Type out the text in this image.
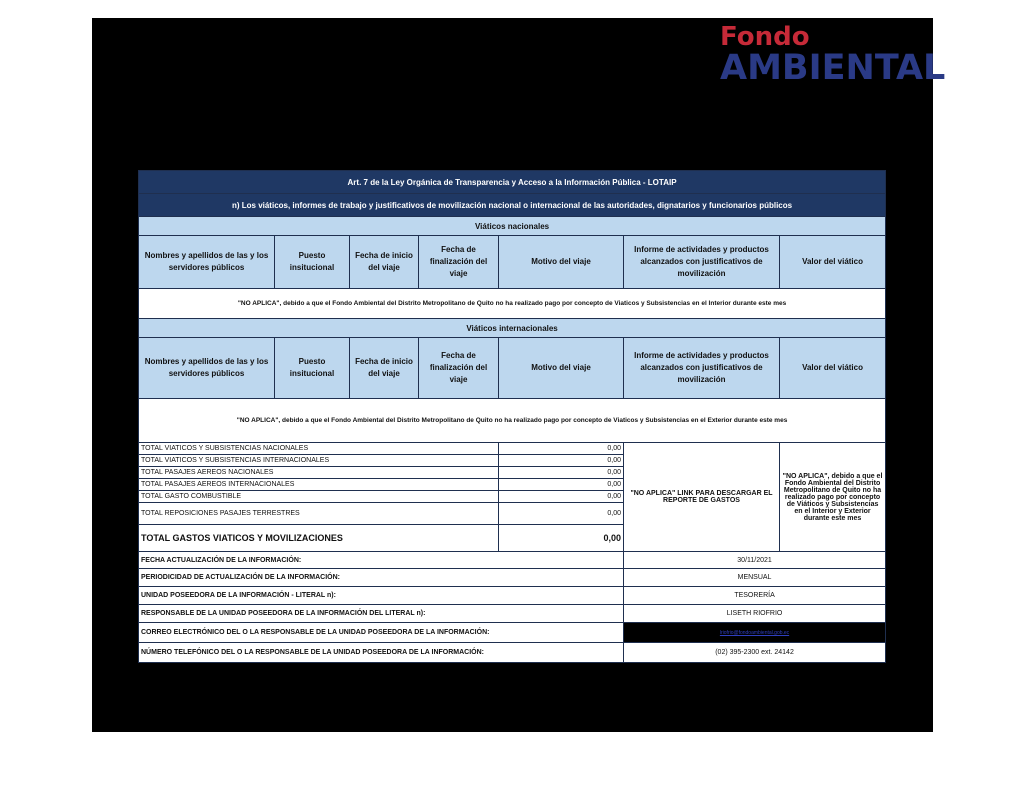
Fondo
AMBIENTAL
Art. 7 de la Ley Orgánica de Transparencia y Acceso a la Información Pública - LOTAIP						
n) Los viáticos, informes de trabajo y justificativos de movilización nacional o internacional de las autoridades, dignatarios y funcionarios públicos						
Viáticos nacionales						
Nombres y apellidos de las y los servidores públicos	Puesto insitucional	Fecha de inicio del viaje	Fecha de finalización del viaje	Motivo del viaje	Informe de actividades y productos alcanzados con justificativos de movilización	Valor del viático
"NO APLICA", debido a que el Fondo Ambiental del Distrito Metropolitano de Quito no ha realizado pago por concepto de Viaticos y Subsistencias en el Interior durante este mes						
Viáticos internacionales						
Nombres y apellidos de las y los servidores públicos	Puesto insitucional	Fecha de inicio del viaje	Fecha de finalización del viaje	Motivo del viaje	Informe de actividades y productos alcanzados con justificativos de movilización	Valor del viático
"NO APLICA", debido a que el Fondo Ambiental del Distrito Metropolitano de Quito no ha realizado pago por concepto de Viaticos y Subsistencias en el Exterior durante este mes						
TOTAL VIATICOS Y SUBSISTENCIAS NACIONALES				0,00	"NO APLICA" LINK PARA DESCARGAR EL REPORTE DE GASTOS	"NO APLICA", debido a que el Fondo Ambiental del Distrito Metropolitano de Quito no ha realizado pago por concepto de Viáticos y Subsistencias en el Interior y Exterior durante este mes
TOTAL VIATICOS Y SUBSISTENCIAS INTERNACIONALES				0,00		
TOTAL PASAJES AEREOS NACIONALES				0,00		
TOTAL PASAJES AEREOS INTERNACIONALES				0,00		
TOTAL GASTO COMBUSTIBLE				0,00		
TOTAL REPOSICIONES PASAJES TERRESTRES				0,00		
TOTAL GASTOS VIATICOS Y MOVILIZACIONES				0,00		
FECHA ACTUALIZACIÓN DE LA INFORMACIÓN:					30/11/2021	
PERIODICIDAD DE ACTUALIZACIÓN DE LA INFORMACIÓN:					MENSUAL	
UNIDAD POSEEDORA DE LA INFORMACIÓN - LITERAL n):					TESORERÍA	
RESPONSABLE DE LA UNIDAD POSEEDORA DE LA INFORMACIÓN DEL LITERAL n):					LISETH RIOFRIO	
CORREO ELECTRÓNICO DEL O LA RESPONSABLE DE LA UNIDAD POSEEDORA DE LA INFORMACIÓN:					lriofrio@fondoambiental.gob.ec	
NÚMERO TELEFÓNICO DEL O LA RESPONSABLE DE LA UNIDAD POSEEDORA DE LA INFORMACIÓN:					(02) 395-2300 ext. 24142	
